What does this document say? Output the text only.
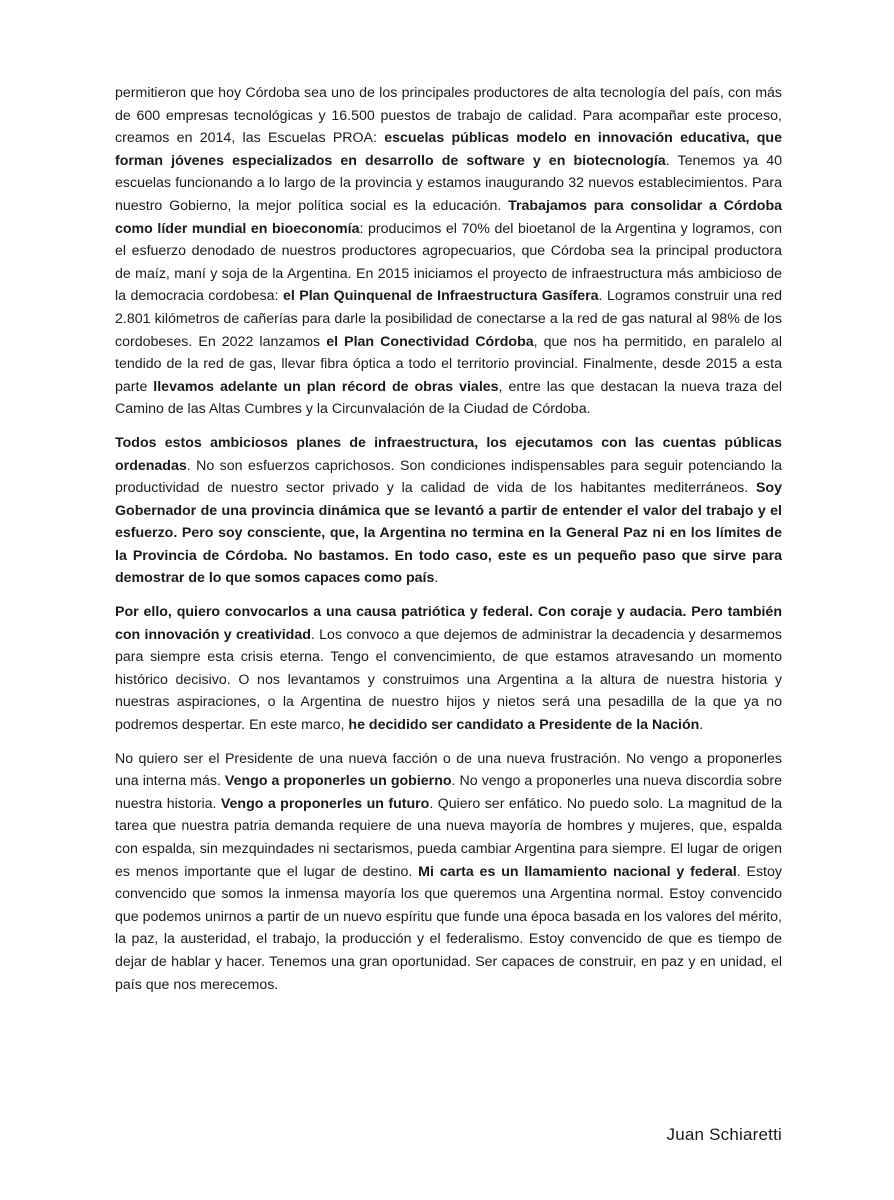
permitieron que hoy Córdoba sea uno de los principales productores de alta tecnología del país, con más de 600 empresas tecnológicas y 16.500 puestos de trabajo de calidad. Para acompañar este proceso, creamos en 2014, las Escuelas PROA: escuelas públicas modelo en innovación educativa, que forman jóvenes especializados en desarrollo de software y en biotecnología. Tenemos ya 40 escuelas funcionando a lo largo de la provincia y estamos inaugurando 32 nuevos establecimientos. Para nuestro Gobierno, la mejor política social es la educación. Trabajamos para consolidar a Córdoba como líder mundial en bioeconomía: producimos el 70% del bioetanol de la Argentina y logramos, con el esfuerzo denodado de nuestros productores agropecuarios, que Córdoba sea la principal productora de maíz, maní y soja de la Argentina. En 2015 iniciamos el proyecto de infraestructura más ambicioso de la democracia cordobesa: el Plan Quinquenal de Infraestructura Gasífera. Logramos construir una red 2.801 kilómetros de cañerías para darle la posibilidad de conectarse a la red de gas natural al 98% de los cordobeses. En 2022 lanzamos el Plan Conectividad Córdoba, que nos ha permitido, en paralelo al tendido de la red de gas, llevar fibra óptica a todo el territorio provincial. Finalmente, desde 2015 a esta parte llevamos adelante un plan récord de obras viales, entre las que destacan la nueva traza del Camino de las Altas Cumbres y la Circunvalación de la Ciudad de Córdoba.

Todos estos ambiciosos planes de infraestructura, los ejecutamos con las cuentas públicas ordenadas. No son esfuerzos caprichosos. Son condiciones indispensables para seguir potenciando la productividad de nuestro sector privado y la calidad de vida de los habitantes mediterráneos. Soy Gobernador de una provincia dinámica que se levantó a partir de entender el valor del trabajo y el esfuerzo. Pero soy consciente, que, la Argentina no termina en la General Paz ni en los límites de la Provincia de Córdoba. No bastamos. En todo caso, este es un pequeño paso que sirve para demostrar de lo que somos capaces como país.

Por ello, quiero convocarlos a una causa patriótica y federal. Con coraje y audacia. Pero también con innovación y creatividad. Los convoco a que dejemos de administrar la decadencia y desarmemos para siempre esta crisis eterna. Tengo el convencimiento, de que estamos atravesando un momento histórico decisivo. O nos levantamos y construimos una Argentina a la altura de nuestra historia y nuestras aspiraciones, o la Argentina de nuestro hijos y nietos será una pesadilla de la que ya no podremos despertar. En este marco, he decidido ser candidato a Presidente de la Nación.

No quiero ser el Presidente de una nueva facción o de una nueva frustración. No vengo a proponerles una interna más. Vengo a proponerles un gobierno. No vengo a proponerles una nueva discordia sobre nuestra historia. Vengo a proponerles un futuro. Quiero ser enfático. No puedo solo. La magnitud de la tarea que nuestra patria demanda requiere de una nueva mayoría de hombres y mujeres, que, espalda con espalda, sin mezquindades ni sectarismos, pueda cambiar Argentina para siempre. El lugar de origen es menos importante que el lugar de destino. Mi carta es un llamamiento nacional y federal. Estoy convencido que somos la inmensa mayoría los que queremos una Argentina normal. Estoy convencido que podemos unirnos a partir de un nuevo espíritu que funde una época basada en los valores del mérito, la paz, la austeridad, el trabajo, la producción y el federalismo. Estoy convencido de que es tiempo de dejar de hablar y hacer. Tenemos una gran oportunidad. Ser capaces de construir, en paz y en unidad, el país que nos merecemos.

Juan Schiaretti
